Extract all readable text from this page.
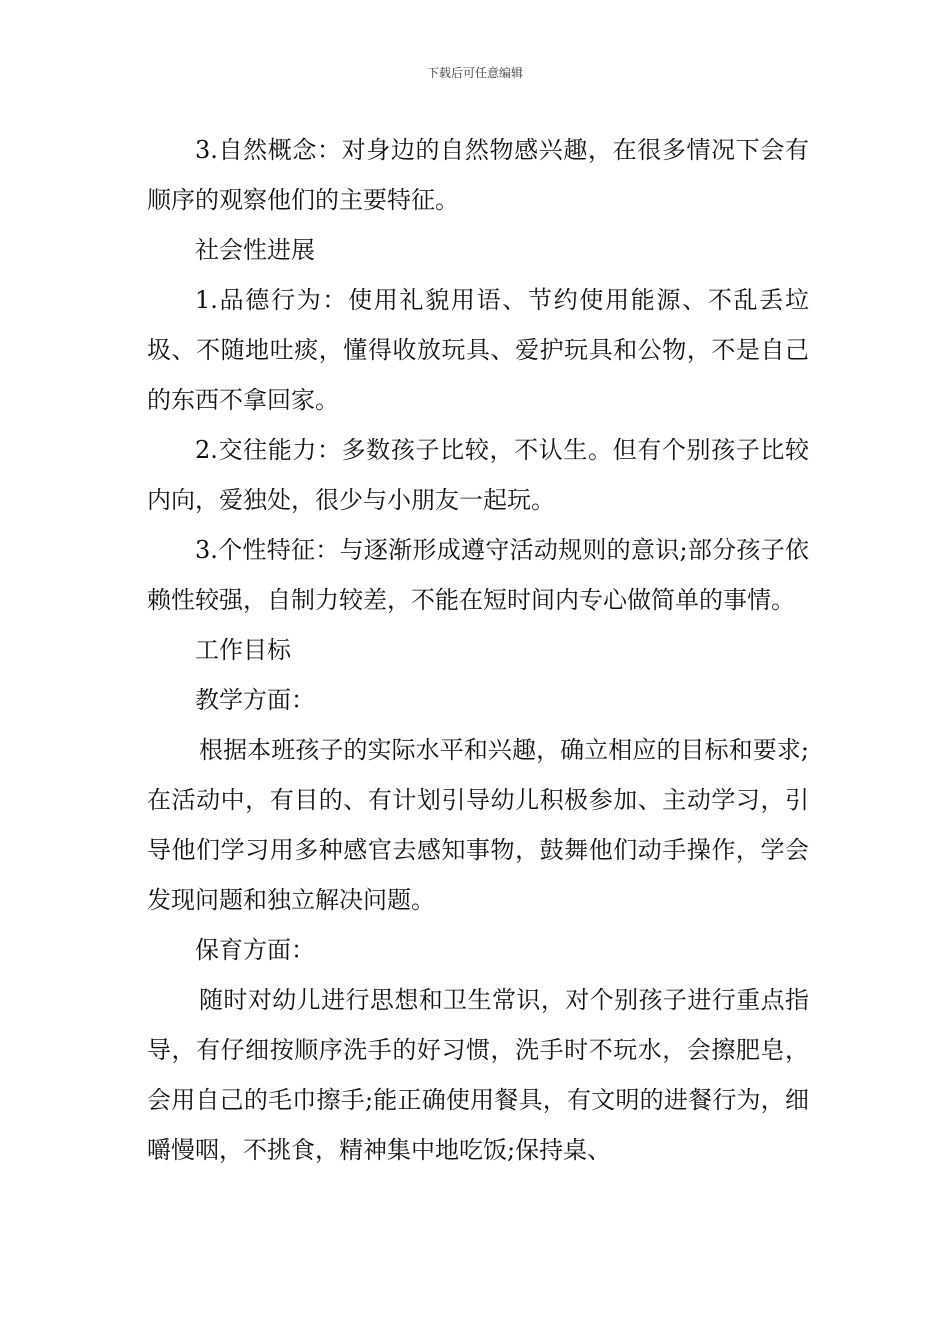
下载后可任意编辑

3.自然概念：对身边的自然物感兴趣，在很多情况下会有顺序的观察他们的主要特征。

社会性进展

1.品德行为：使用礼貌用语、节约使用能源、不乱丢垃圾、不随地吐痰，懂得收放玩具、爱护玩具和公物，不是自己的东西不拿回家。

2.交往能力：多数孩子比较，不认生。但有个别孩子比较内向，爱独处，很少与小朋友一起玩。

3.个性特征：与逐渐形成遵守活动规则的意识;部分孩子依赖性较强，自制力较差，不能在短时间内专心做简单的事情。

工作目标

教学方面：

根据本班孩子的实际水平和兴趣，确立相应的目标和要求;在活动中，有目的、有计划引导幼儿积极参加、主动学习，引导他们学习用多种感官去感知事物，鼓舞他们动手操作，学会发现问题和独立解决问题。

保育方面：

随时对幼儿进行思想和卫生常识，对个别孩子进行重点指导，有仔细按顺序洗手的好习惯，洗手时不玩水，会擦肥皂，会用自己的毛巾擦手;能正确使用餐具，有文明的进餐行为，细嚼慢咽，不挑食，精神集中地吃饭;保持桌、
